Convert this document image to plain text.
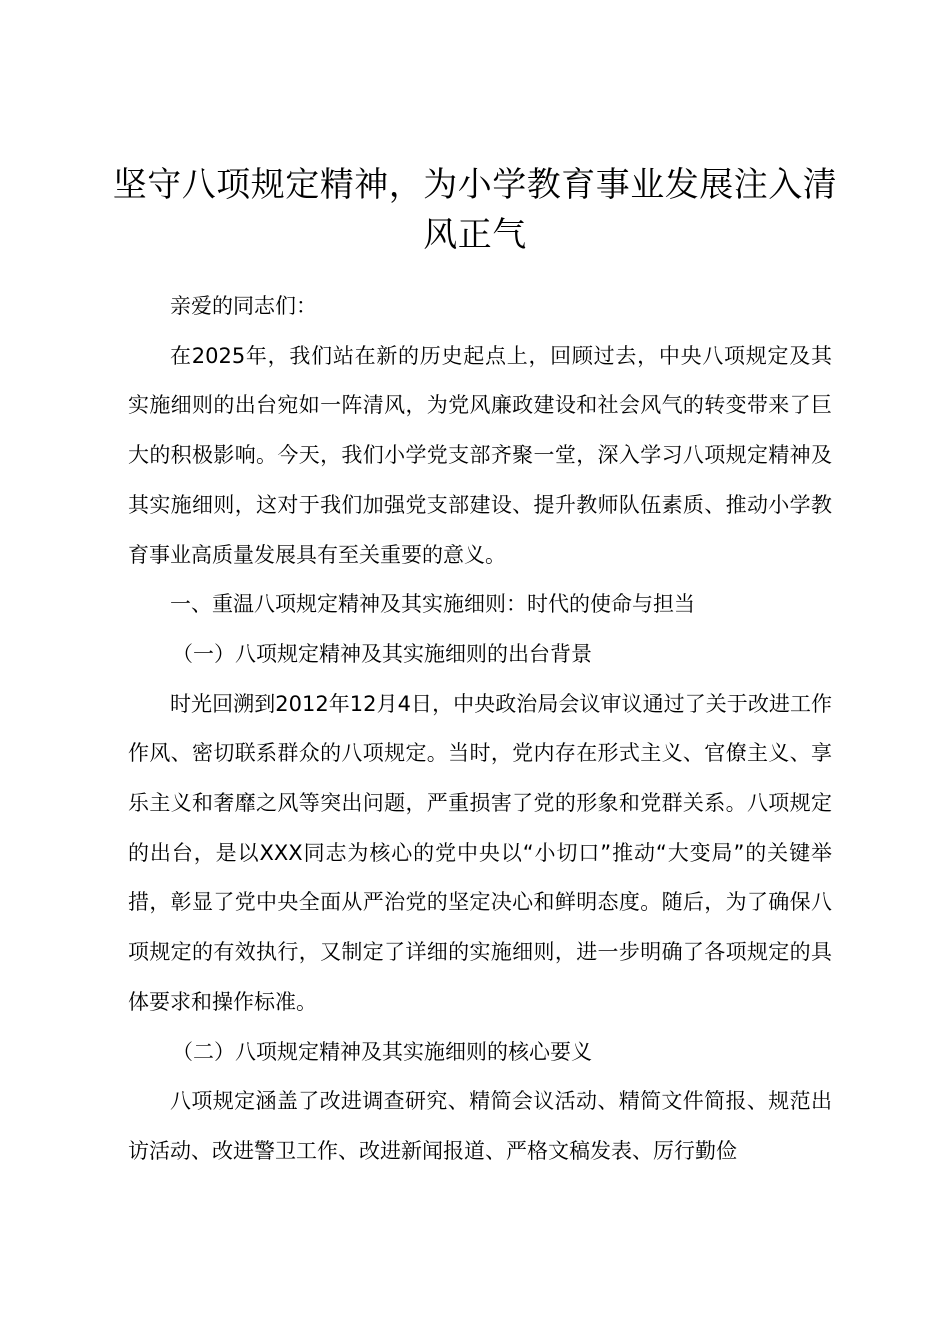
坚守八项规定精神，为小学教育事业发展注入清风正气

亲爱的同志们：

在2025年，我们站在新的历史起点上，回顾过去，中央八项规定及其实施细则的出台宛如一阵清风，为党风廉政建设和社会风气的转变带来了巨大的积极影响。今天，我们小学党支部齐聚一堂，深入学习八项规定精神及其实施细则，这对于我们加强党支部建设、提升教师队伍素质、推动小学教育事业高质量发展具有至关重要的意义。

一、重温八项规定精神及其实施细则：时代的使命与担当

（一）八项规定精神及其实施细则的出台背景

时光回溯到2012年12月4日，中央政治局会议审议通过了关于改进工作作风、密切联系群众的八项规定。当时，党内存在形式主义、官僚主义、享乐主义和奢靡之风等突出问题，严重损害了党的形象和党群关系。八项规定的出台，是以XXX同志为核心的党中央以“小切口”推动“大变局”的关键举措，彰显了党中央全面从严治党的坚定决心和鲜明态度。随后，为了确保八项规定的有效执行，又制定了详细的实施细则，进一步明确了各项规定的具体要求和操作标准。

（二）八项规定精神及其实施细则的核心要义

八项规定涵盖了改进调查研究、精简会议活动、精简文件简报、规范出访活动、改进警卫工作、改进新闻报道、严格文稿发表、厉行勤俭
